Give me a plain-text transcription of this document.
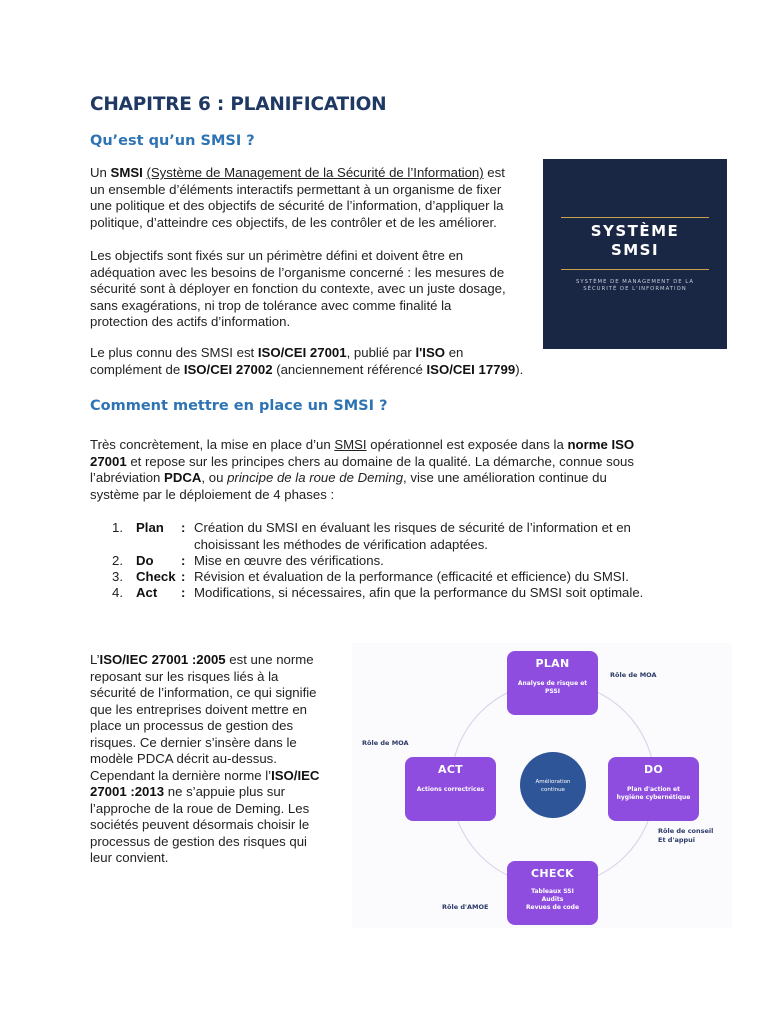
CHAPITRE 6 : PLANIFICATION
Qu’est qu’un SMSI ?
Un SMSI (Système de Management de la Sécurité de l’Information) est
un ensemble d’éléments interactifs permettant à un organisme de fixer
une politique et des objectifs de sécurité de l’information, d’appliquer la
politique, d’atteindre ces objectifs, de les contrôler et de les améliorer.
Les objectifs sont fixés sur un périmètre défini et doivent être en
adéquation avec les besoins de l’organisme concerné : les mesures de
sécurité sont à déployer en fonction du contexte, avec un juste dosage,
sans exagérations, ni trop de tolérance avec comme finalité la
protection des actifs d’information.
Le plus connu des SMSI est ISO/CEI 27001, publié par l'ISO en
complément de ISO/CEI 27002 (anciennement référencé ISO/CEI 17799).
SYSTÈME
SMSI
SYSTÈME DE MANAGEMENT DE LA
SÉCURITÉ DE L'INFORMATION
Comment mettre en place un SMSI ?
Très concrètement, la mise en place d’un SMSI opérationnel est exposée dans la norme ISO
27001 et repose sur les principes chers au domaine de la qualité. La démarche, connue sous
l’abréviation PDCA, ou principe de la roue de Deming, vise une amélioration continue du
système par le déploiement de 4 phases :
1. Plan : Création du SMSI en évaluant les risques de sécurité de l’information et en
choisissant les méthodes de vérification adaptées.
2. Do : Mise en œuvre des vérifications.
3. Check : Révision et évaluation de la performance (efficacité et efficience) du SMSI.
4. Act : Modifications, si nécessaires, afin que la performance du SMSI soit optimale.
L’ISO/IEC 27001 :2005 est une norme
reposant sur les risques liés à la
sécurité de l’information, ce qui signifie
que les entreprises doivent mettre en
place un processus de gestion des
risques. Ce dernier s’insère dans le
modèle PDCA décrit au-dessus.
Cependant la dernière norme l’ISO/IEC
27001 :2013 ne s’appuie plus sur
l’approche de la roue de Deming. Les
sociétés peuvent désormais choisir le
processus de gestion des risques qui
leur convient.
PLAN
Analyse de risque et
PSSI
ACT
Actions correctrices
DO
Plan d'action et
hygiène cybernétique
CHECK
Tableaux SSI
Audits
Revues de code
Amélioration
continue
Rôle de MOA
Rôle de MOA
Rôle de conseil
Et d'appui
Rôle d'AMOE
